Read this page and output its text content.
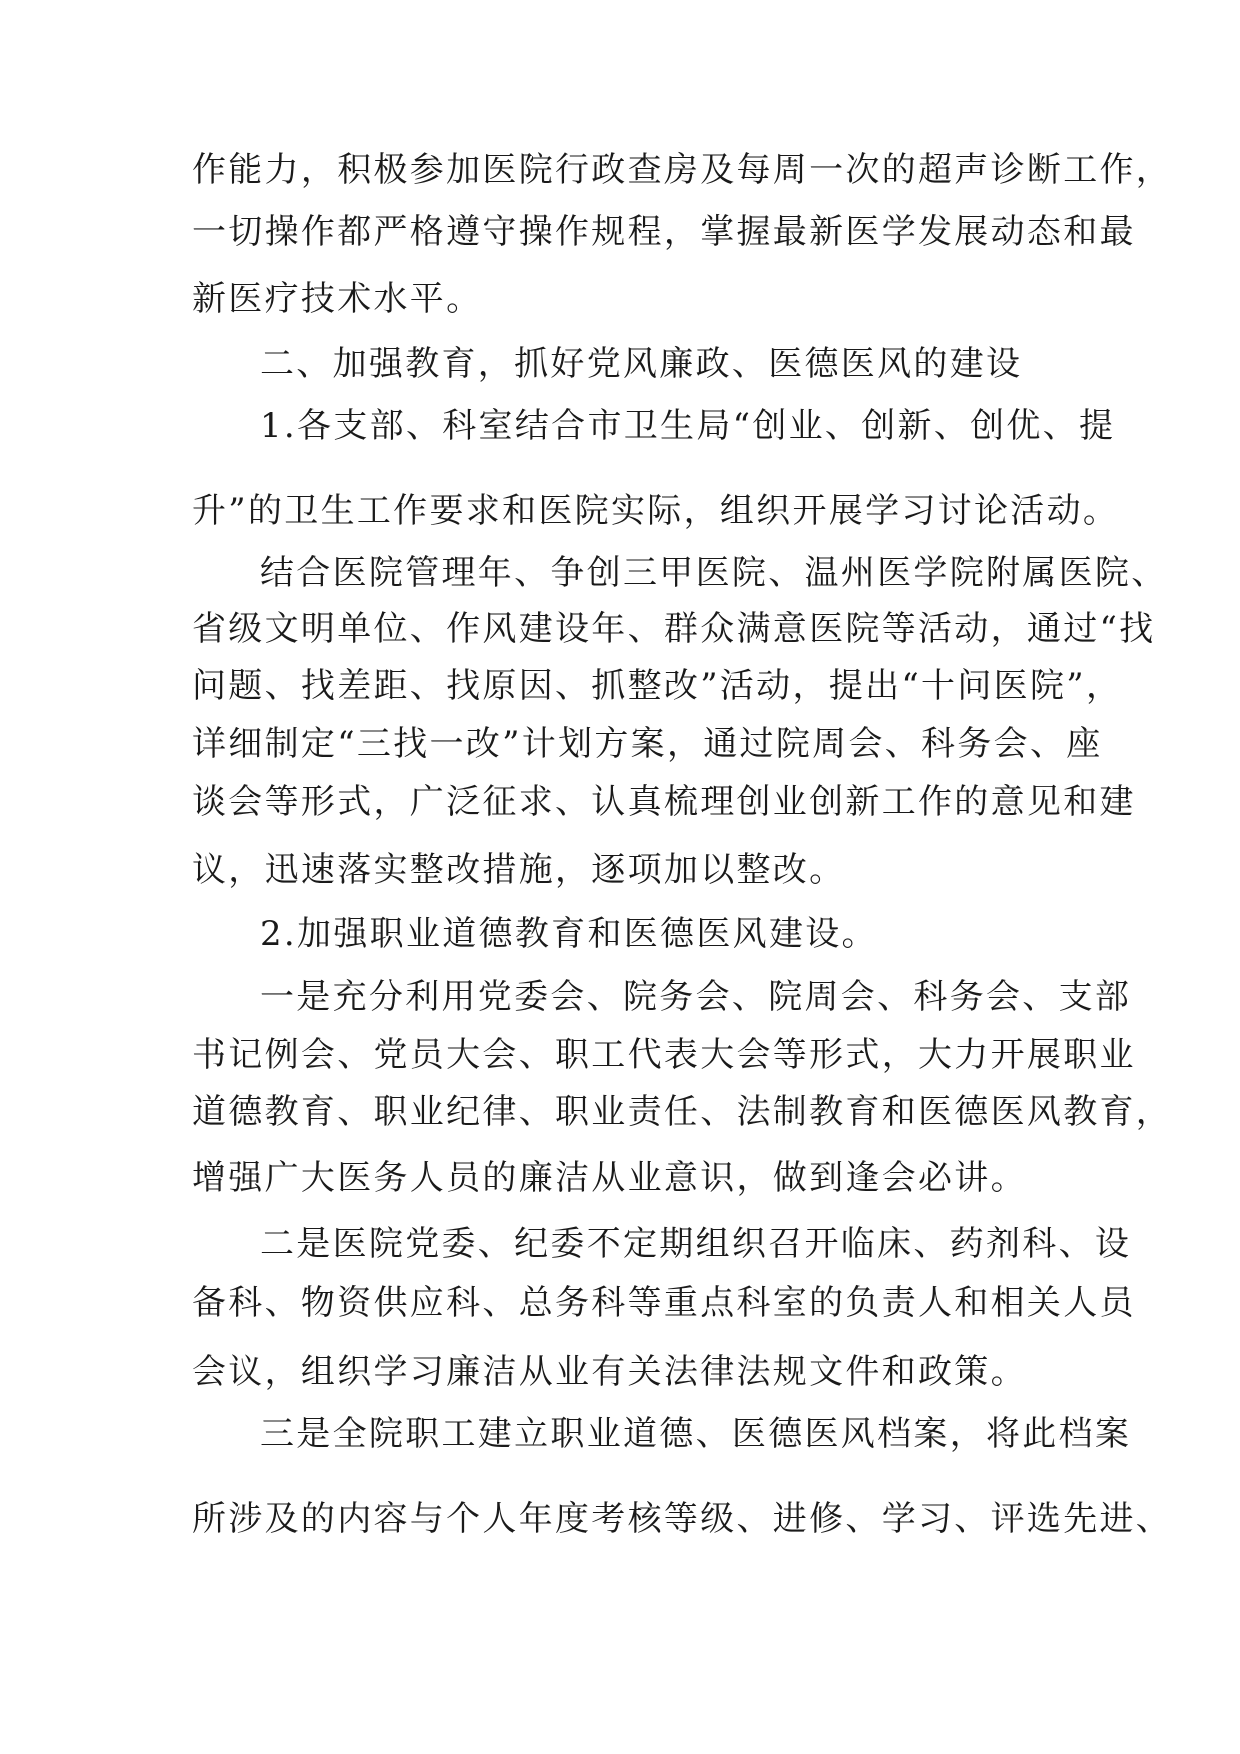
作能力，积极参加医院行政查房及每周一次的超声诊断工作，
一切操作都严格遵守操作规程，掌握最新医学发展动态和最
新医疗技术水平。
二、加强教育，抓好党风廉政、医德医风的建设
1.各支部、科室结合市卫生局“创业、创新、创优、提
升”的卫生工作要求和医院实际，组织开展学习讨论活动。
结合医院管理年、争创三甲医院、温州医学院附属医院、
省级文明单位、作风建设年、群众满意医院等活动，通过“找
问题、找差距、找原因、抓整改”活动，提出“十问医院”，
详细制定“三找一改”计划方案，通过院周会、科务会、座
谈会等形式，广泛征求、认真梳理创业创新工作的意见和建
议，迅速落实整改措施，逐项加以整改。
2.加强职业道德教育和医德医风建设。
一是充分利用党委会、院务会、院周会、科务会、支部
书记例会、党员大会、职工代表大会等形式，大力开展职业
道德教育、职业纪律、职业责任、法制教育和医德医风教育，
增强广大医务人员的廉洁从业意识，做到逢会必讲。
二是医院党委、纪委不定期组织召开临床、药剂科、设
备科、物资供应科、总务科等重点科室的负责人和相关人员
会议，组织学习廉洁从业有关法律法规文件和政策。
三是全院职工建立职业道德、医德医风档案，将此档案
所涉及的内容与个人年度考核等级、进修、学习、评选先进、
